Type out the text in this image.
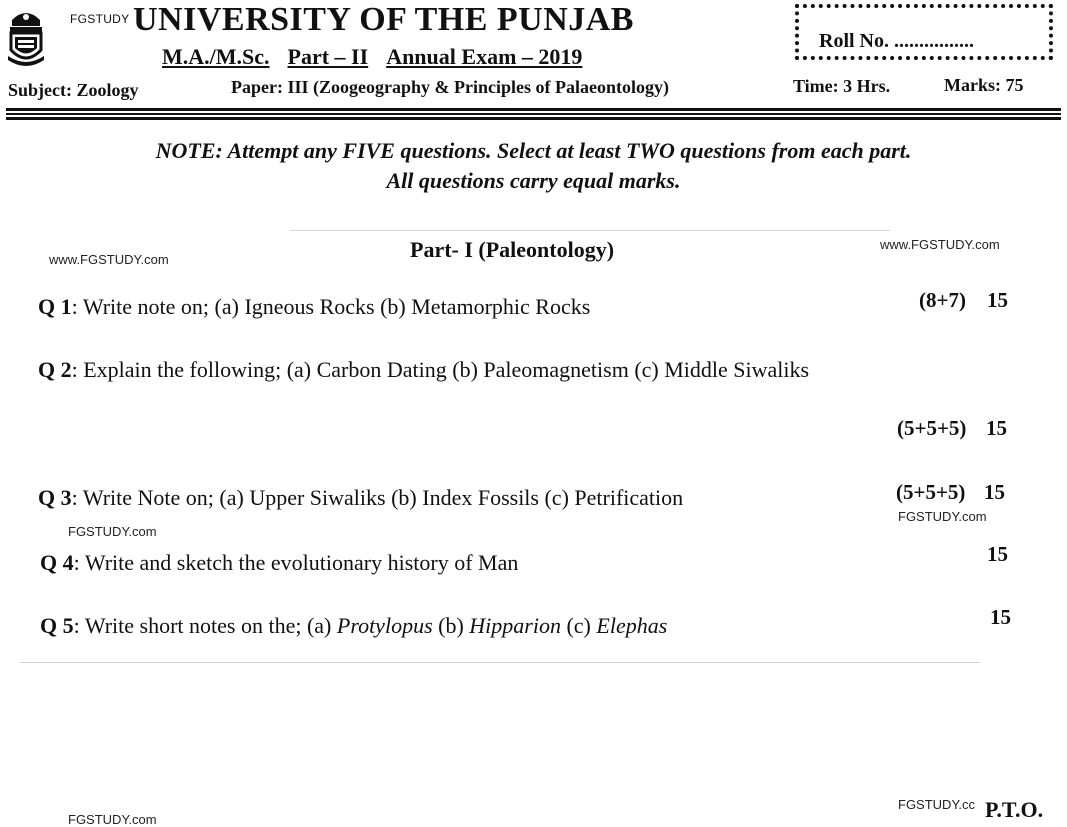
FGSTUDY UNIVERSITY OF THE PUNJAB
M.A./M.Sc. Part – II Annual Exam – 2019
Roll No. ................
Subject: Zoology	Paper: III (Zoogeography & Principles of Palaeontology)	Time: 3 Hrs.	Marks: 75
NOTE: Attempt any FIVE questions. Select at least TWO questions from each part.
All questions carry equal marks.
Part- I (Paleontology)
www.FGSTUDY.com
www.FGSTUDY.com
Q 1: Write note on; (a) Igneous Rocks (b) Metamorphic Rocks	(8+7) 15
Q 2: Explain the following; (a) Carbon Dating (b) Paleomagnetism (c) Middle Siwaliks
(5+5+5) 15
Q 3: Write Note on; (a) Upper Siwaliks (b) Index Fossils (c) Petrification	(5+5+5) 15
FGSTUDY.com
FGSTUDY.com
Q 4: Write and sketch the evolutionary history of Man	15
Q 5: Write short notes on the; (a) Protylopus (b) Hipparion (c) Elephas	15
FGSTUDY.com
FGSTUDY.cc P.T.O.
